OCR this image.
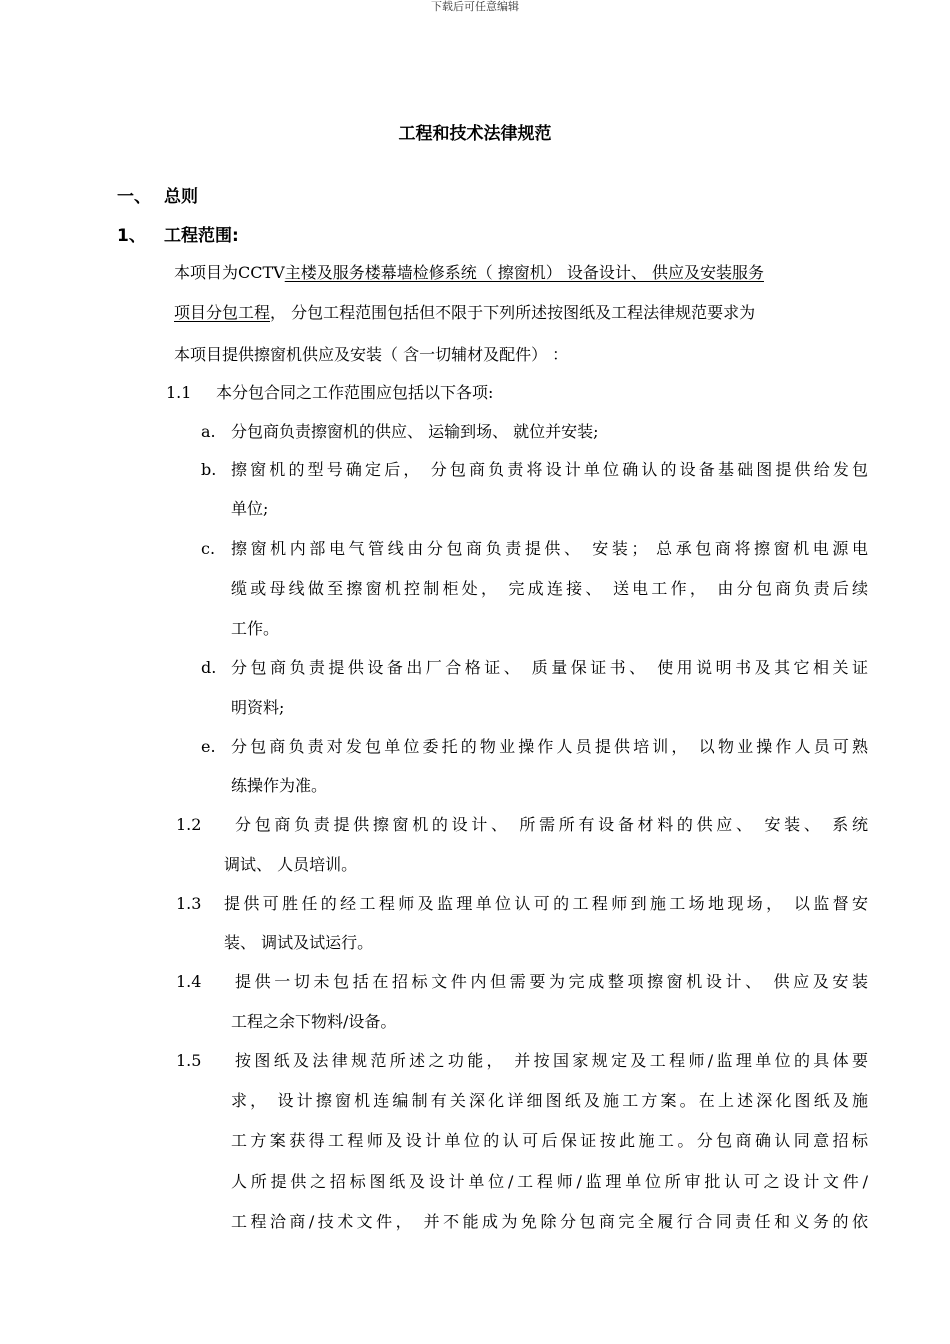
下载后可任意编辑
工程和技术法律规范
一、 总则
1、 工程范围:
本项目为CCTV主楼及服务楼幕墙检修系统（ 擦窗机） 设备设计、 供应及安装服务
项目分包工程， 分包工程范围包括但不限于下列所述按图纸及工程法律规范要求为
本项目提供擦窗机供应及安装（ 含一切辅材及配件） ：
1.1 本分包合同之工作范围应包括以下各项:
a. 分包商负责擦窗机的供应、 运输到场、 就位并安装;
b. 擦窗机的型号确定后， 分包商负责将设计单位确认的设备基础图提供给发包
单位;
c. 擦窗机内部电气管线由分包商负责提供、 安装； 总承包商将擦窗机电源电
缆或母线做至擦窗机控制柜处， 完成连接、 送电工作， 由分包商负责后续
工作。
d. 分包商负责提供设备出厂合格证、 质量保证书、 使用说明书及其它相关证
明资料;
e. 分包商负责对发包单位委托的物业操作人员提供培训， 以物业操作人员可熟
练操作为准。
1.2 分包商负责提供擦窗机的设计、 所需所有设备材料的供应、 安装、 系统
调试、 人员培训。
1.3 提供可胜任的经工程师及监理单位认可的工程师到施工场地现场， 以监督安
装、 调试及试运行。
1.4 提供一切未包括在招标文件内但需要为完成整项擦窗机设计、 供应及安装
工程之余下物料/设备。
1.5 按图纸及法律规范所述之功能， 并按国家规定及工程师/监理单位的具体要
求， 设计擦窗机连编制有关深化详细图纸及施工方案。在上述深化图纸及施
工方案获得工程师及设计单位的认可后保证按此施工。分包商确认同意招标
人所提供之招标图纸及设计单位/工程师/监理单位所审批认可之设计文件/
工程洽商/技术文件， 并不能成为免除分包商完全履行合同责任和义务的依
